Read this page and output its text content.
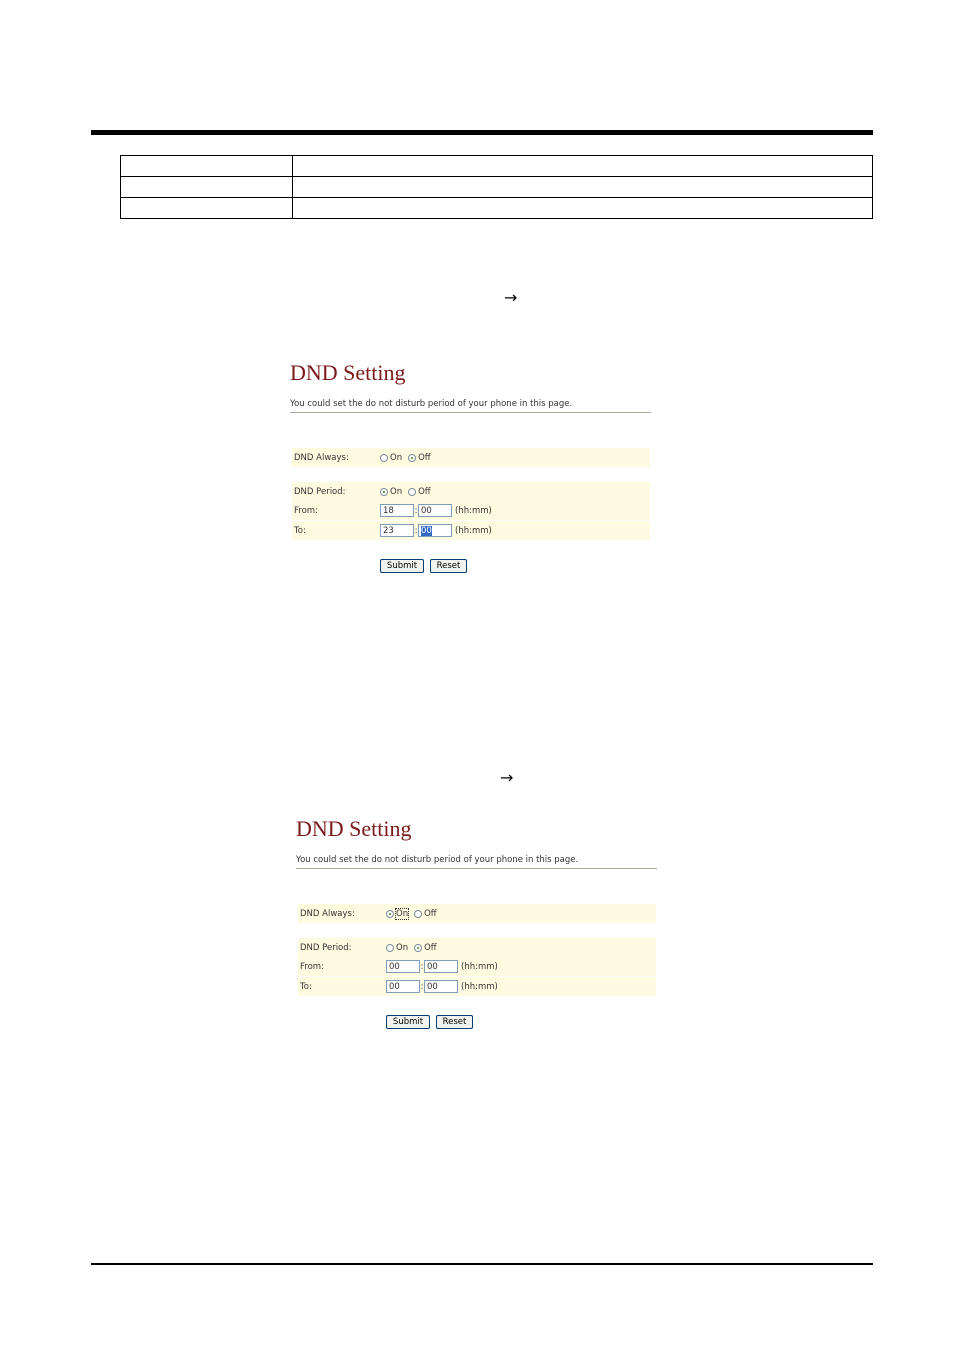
→
DND Setting
You could set the do not disturb period of your phone in this page.
DND Always:	On Off
DND Period:	On Off
From:	18	: 00	(hh:mm)
To:	23	: 00	(hh:mm)
Submit	Reset
→
DND Setting
You could set the do not disturb period of your phone in this page.
DND Always:	On Off
DND Period:	On Off
From:	00	: 00	(hh:mm)
To:	00	: 00	(hh:mm)
Submit	Reset
